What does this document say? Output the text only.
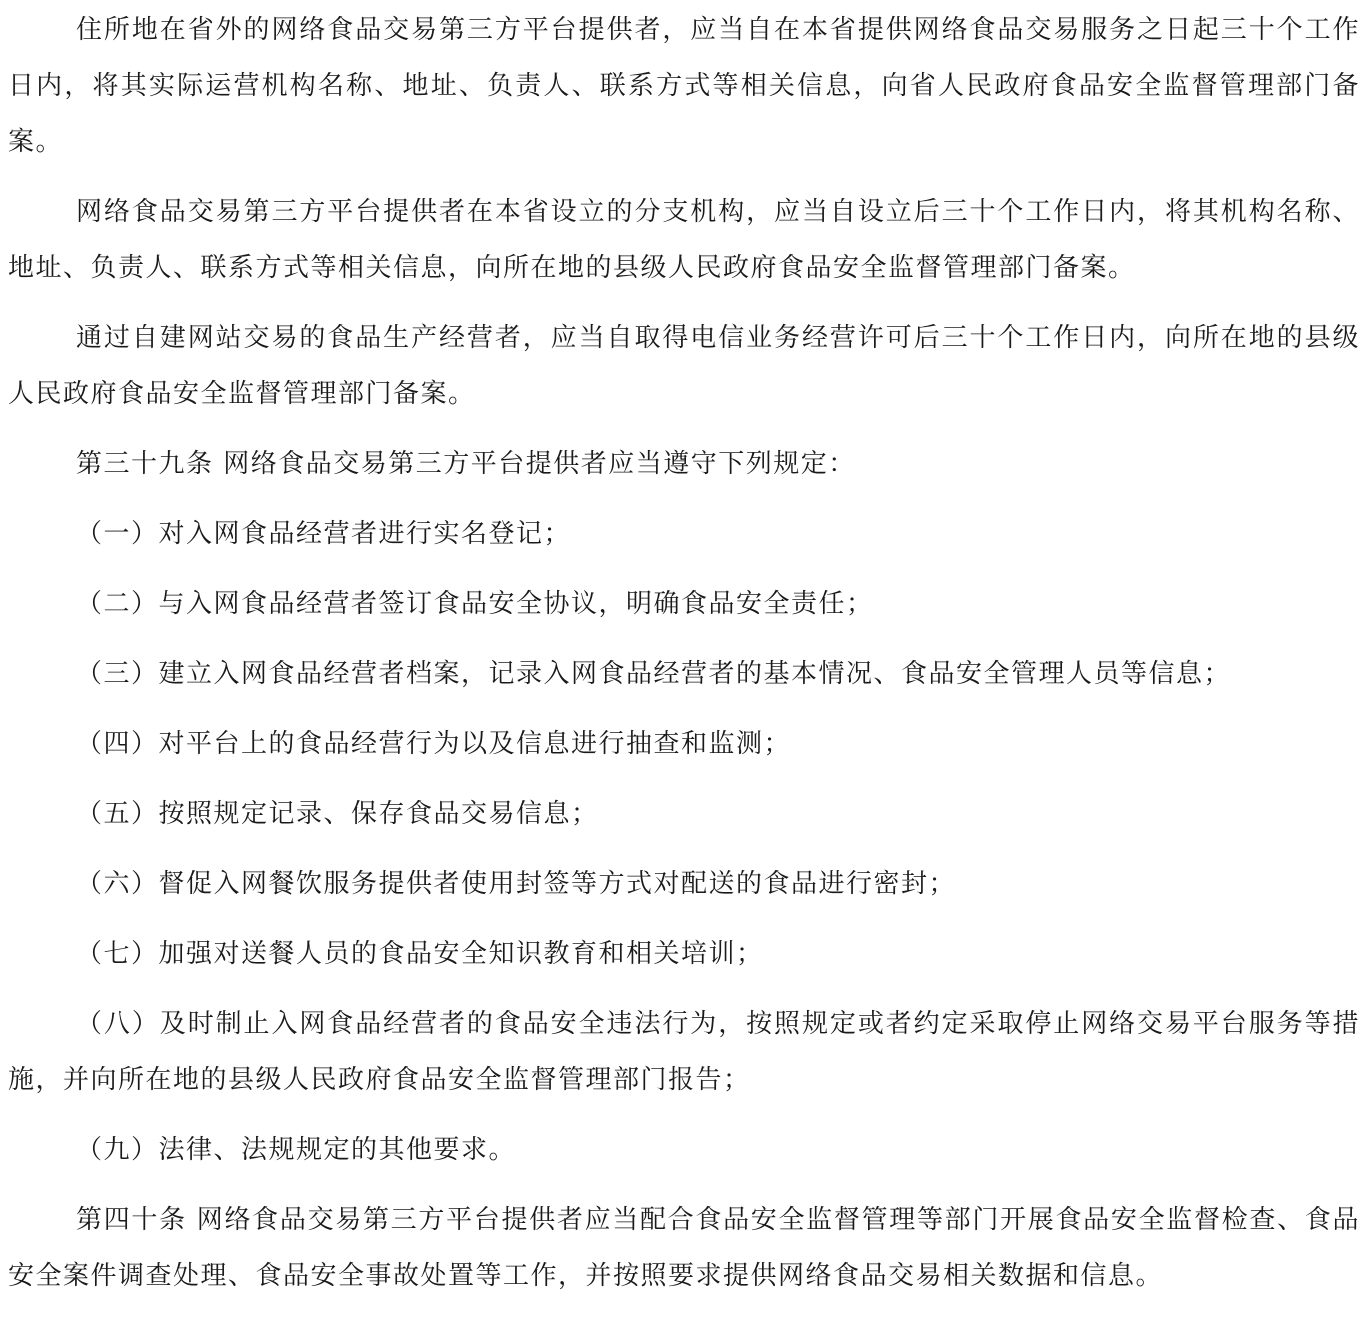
住所地在省外的网络食品交易第三方平台提供者，应当自在本省提供网络食品交易服务之日起三十个工作日内，将其实际运营机构名称、地址、负责人、联系方式等相关信息，向省人民政府食品安全监督管理部门备案。

网络食品交易第三方平台提供者在本省设立的分支机构，应当自设立后三十个工作日内，将其机构名称、地址、负责人、联系方式等相关信息，向所在地的县级人民政府食品安全监督管理部门备案。

通过自建网站交易的食品生产经营者，应当自取得电信业务经营许可后三十个工作日内，向所在地的县级人民政府食品安全监督管理部门备案。

第三十九条 网络食品交易第三方平台提供者应当遵守下列规定：

（一）对入网食品经营者进行实名登记；

（二）与入网食品经营者签订食品安全协议，明确食品安全责任；

（三）建立入网食品经营者档案，记录入网食品经营者的基本情况、食品安全管理人员等信息；

（四）对平台上的食品经营行为以及信息进行抽查和监测；

（五）按照规定记录、保存食品交易信息；

（六）督促入网餐饮服务提供者使用封签等方式对配送的食品进行密封；

（七）加强对送餐人员的食品安全知识教育和相关培训；

（八）及时制止入网食品经营者的食品安全违法行为，按照规定或者约定采取停止网络交易平台服务等措施，并向所在地的县级人民政府食品安全监督管理部门报告；

（九）法律、法规规定的其他要求。

第四十条 网络食品交易第三方平台提供者应当配合食品安全监督管理等部门开展食品安全监督检查、食品安全案件调查处理、食品安全事故处置等工作，并按照要求提供网络食品交易相关数据和信息。
